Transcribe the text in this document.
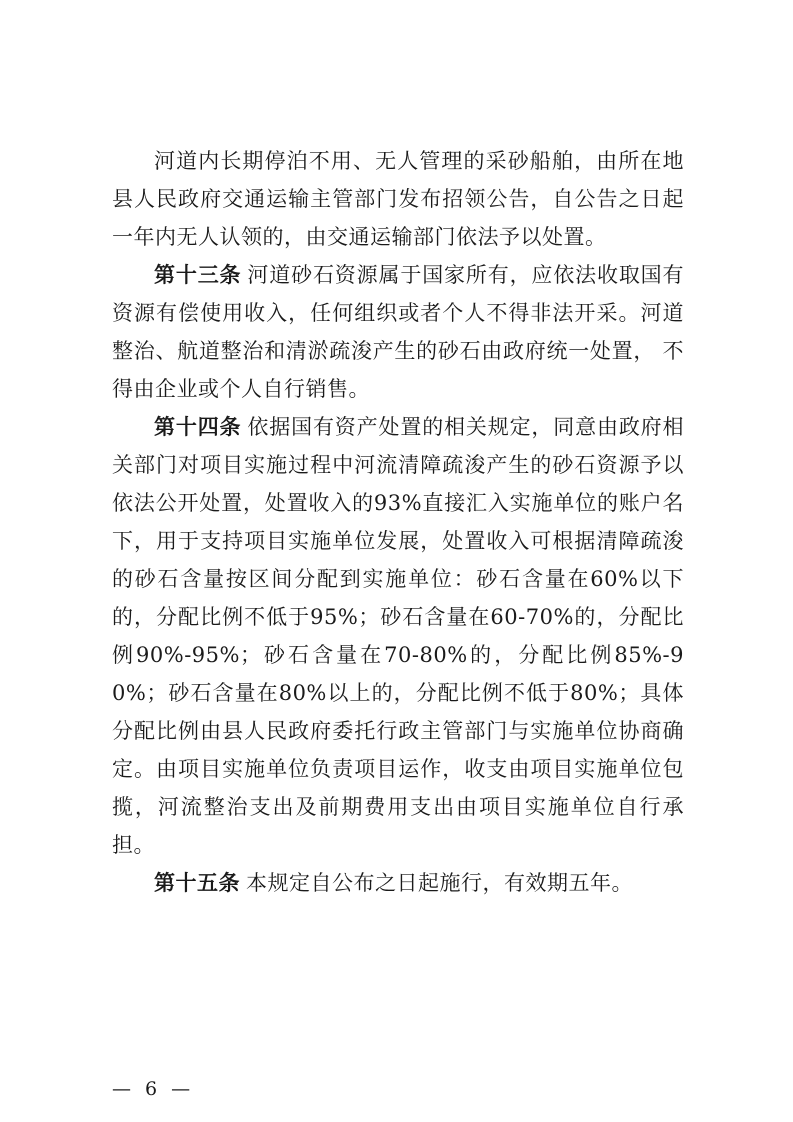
河道内长期停泊不用、无人管理的采砂船舶，由所在地县人民政府交通运输主管部门发布招领公告，自公告之日起一年内无人认领的，由交通运输部门依法予以处置。

第十三条 河道砂石资源属于国家所有，应依法收取国有资源有偿使用收入，任何组织或者个人不得非法开采。河道整治、航道整治和清淤疏浚产生的砂石由政府统一处置， 不得由企业或个人自行销售。

第十四条 依据国有资产处置的相关规定，同意由政府相关部门对项目实施过程中河流清障疏浚产生的砂石资源予以依法公开处置，处置收入的93%直接汇入实施单位的账户名下，用于支持项目实施单位发展，处置收入可根据清障疏浚的砂石含量按区间分配到实施单位：砂石含量在60%以下的，分配比例不低于95%；砂石含量在60-70%的，分配比例90%-95%；砂石含量在70-80%的，分配比例85%-90%；砂石含量在80%以上的，分配比例不低于80%；具体分配比例由县人民政府委托行政主管部门与实施单位协商确定。由项目实施单位负责项目运作，收支由项目实施单位包揽，河流整治支出及前期费用支出由项目实施单位自行承担。

第十五条 本规定自公布之日起施行，有效期五年。

— 6 —
